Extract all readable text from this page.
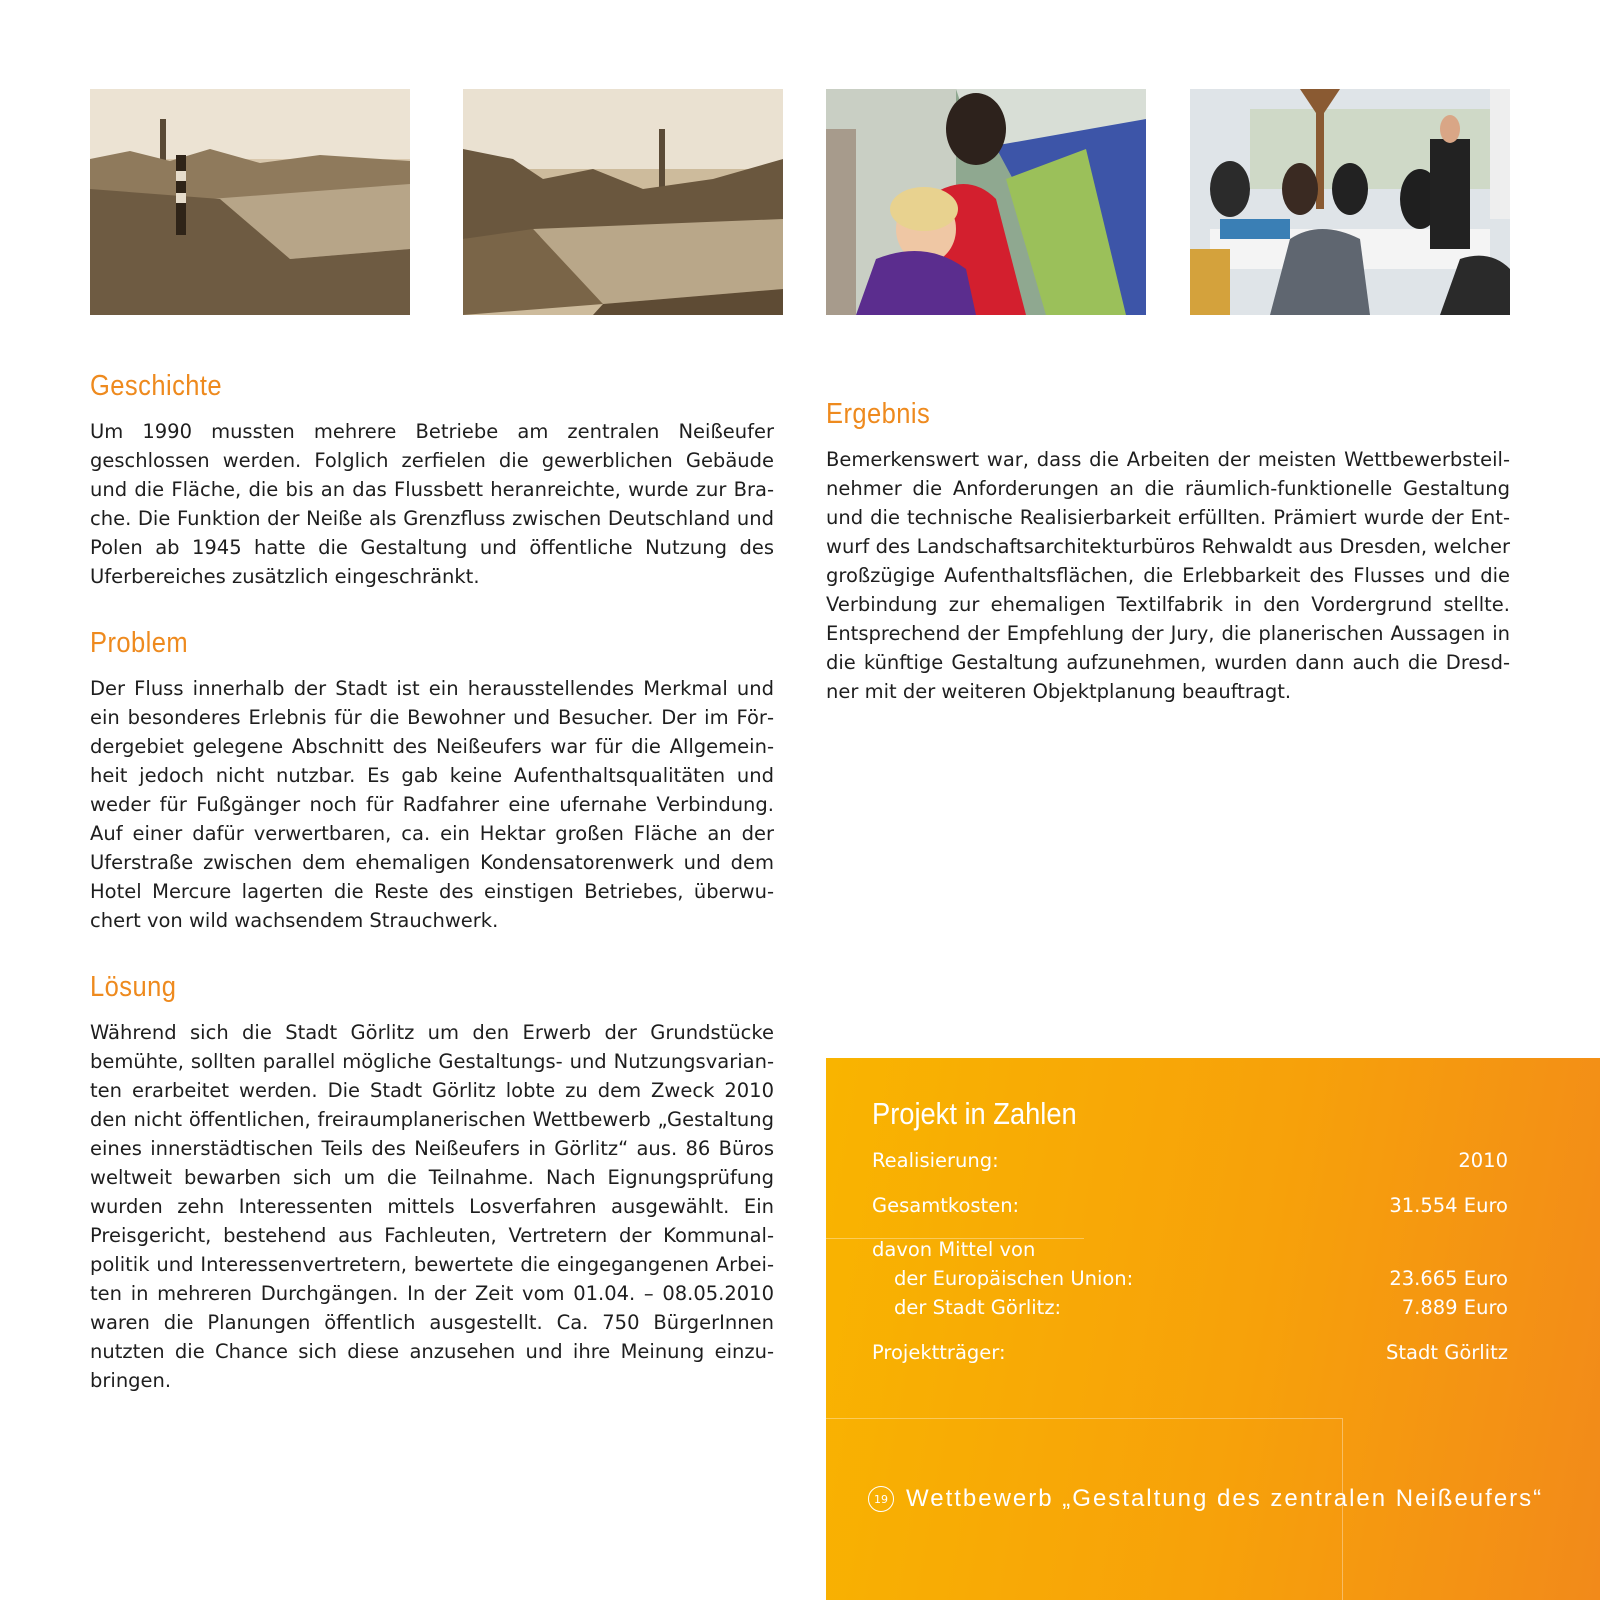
Geschichte

Um 1990 mussten mehrere Betriebe am zentralen Neißeufer geschlossen werden. Folglich zerfielen die gewerblichen Gebäude und die Fläche, die bis an das Flussbett heranreichte, wurde zur Brache. Die Funktion der Neiße als Grenzfluss zwischen Deutschland und Polen ab 1945 hatte die Gestaltung und öffentliche Nutzung des Uferbereiches zusätzlich eingeschränkt.

Problem

Der Fluss innerhalb der Stadt ist ein herausstellendes Merkmal und ein besonderes Erlebnis für die Bewohner und Besucher. Der im Fördergebiet gelegene Abschnitt des Neißeufers war für die Allgemeinheit jedoch nicht nutzbar. Es gab keine Aufenthaltsqualitäten und weder für Fußgänger noch für Radfahrer eine ufernahe Verbindung. Auf einer dafür verwertbaren, ca. ein Hektar großen Fläche an der Uferstraße zwischen dem ehemaligen Kondensatorenwerk und dem Hotel Mercure lagerten die Reste des einstigen Betriebes, überwuchert von wild wachsendem Strauchwerk.

Lösung

Während sich die Stadt Görlitz um den Erwerb der Grundstücke bemühte, sollten parallel mögliche Gestaltungs- und Nutzungsvarianten erarbeitet werden. Die Stadt Görlitz lobte zu dem Zweck 2010 den nicht öffentlichen, freiraumplanerischen Wettbewerb „Gestaltung eines innerstädtischen Teils des Neißeufers in Görlitz“ aus. 86 Büros weltweit bewarben sich um die Teilnahme. Nach Eignungsprüfung wurden zehn Interessenten mittels Losverfahren ausgewählt. Ein Preisgericht, bestehend aus Fachleuten, Vertretern der Kommunalpolitik und Interessenvertretern, bewertete die eingegangenen Arbeiten in mehreren Durchgängen. In der Zeit vom 01.04. – 08.05.2010 waren die Planungen öffentlich ausgestellt. Ca. 750 BürgerInnen nutzten die Chance sich diese anzusehen und ihre Meinung einzubringen.

Ergebnis

Bemerkenswert war, dass die Arbeiten der meisten Wettbewerbsteilnehmer die Anforderungen an die räumlich-funktionelle Gestaltung und die technische Realisierbarkeit erfüllten. Prämiert wurde der Entwurf des Landschaftsarchitekturbüros Rehwaldt aus Dresden, welcher großzügige Aufenthaltsflächen, die Erlebbarkeit des Flusses und die Verbindung zur ehemaligen Textilfabrik in den Vordergrund stellte. Entsprechend der Empfehlung der Jury, die planerischen Aussagen in die künftige Gestaltung aufzunehmen, wurden dann auch die Dresdner mit der weiteren Objektplanung beauftragt.

Projekt in Zahlen
Realisierung:	2010
Gesamtkosten:	31.554 Euro
davon Mittel von
der Europäischen Union:	23.665 Euro
der Stadt Görlitz:	7.889 Euro
Projektträger:	Stadt Görlitz
19 Wettbewerb „Gestaltung des zentralen Neißeufers“
